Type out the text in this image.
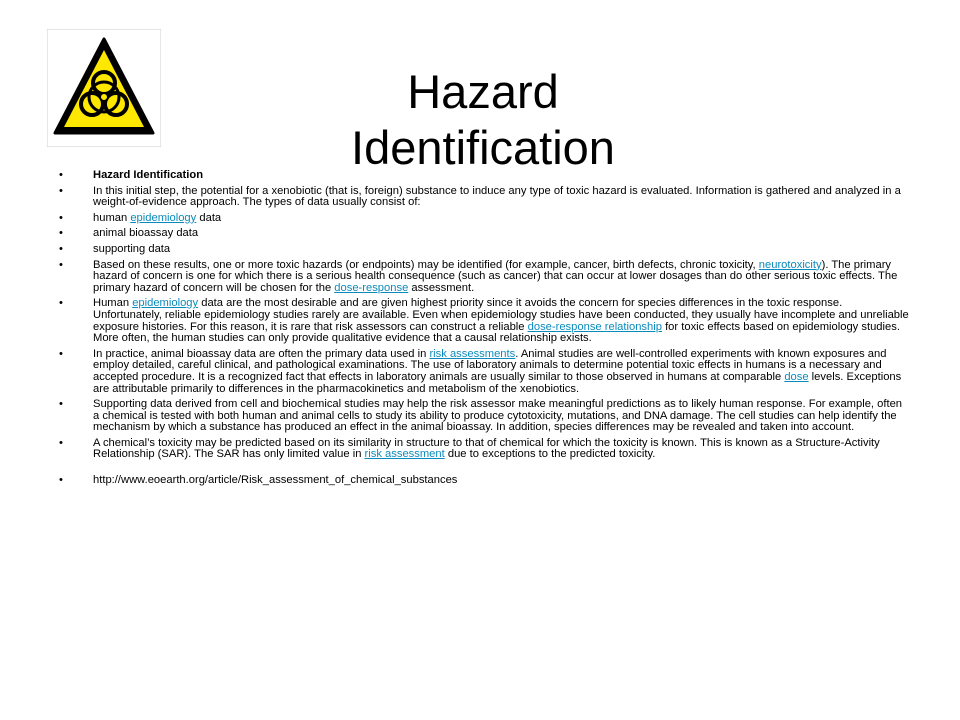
Hazard
Identification
• Hazard Identification
• In this initial step, the potential for a xenobiotic (that is, foreign) substance to induce any type of toxic hazard is evaluated. Information is gathered and analyzed in a weight-of-evidence approach. The types of data usually consist of:
• human epidemiology data
• animal bioassay data
• supporting data
• Based on these results, one or more toxic hazards (or endpoints) may be identified (for example, cancer, birth defects, chronic toxicity, neurotoxicity). The primary hazard of concern is one for which there is a serious health consequence (such as cancer) that can occur at lower dosages than do other serious toxic effects. The primary hazard of concern will be chosen for the dose-response assessment.
• Human epidemiology data are the most desirable and are given highest priority since it avoids the concern for species differences in the toxic response. Unfortunately, reliable epidemiology studies rarely are available. Even when epidemiology studies have been conducted, they usually have incomplete and unreliable exposure histories. For this reason, it is rare that risk assessors can construct a reliable dose-response relationship for toxic effects based on epidemiology studies. More often, the human studies can only provide qualitative evidence that a causal relationship exists.
• In practice, animal bioassay data are often the primary data used in risk assessments. Animal studies are well-controlled experiments with known exposures and employ detailed, careful clinical, and pathological examinations. The use of laboratory animals to determine potential toxic effects in humans is a necessary and accepted procedure. It is a recognized fact that effects in laboratory animals are usually similar to those observed in humans at comparable dose levels. Exceptions are attributable primarily to differences in the pharmacokinetics and metabolism of the xenobiotics.
• Supporting data derived from cell and biochemical studies may help the risk assessor make meaningful predictions as to likely human response. For example, often a chemical is tested with both human and animal cells to study its ability to produce cytotoxicity, mutations, and DNA damage. The cell studies can help identify the mechanism by which a substance has produced an effect in the animal bioassay. In addition, species differences may be revealed and taken into account.
• A chemical’s toxicity may be predicted based on its similarity in structure to that of chemical for which the toxicity is known. This is known as a Structure-Activity Relationship (SAR). The SAR has only limited value in risk assessment due to exceptions to the predicted toxicity.
• http://www.eoearth.org/article/Risk_assessment_of_chemical_substances
